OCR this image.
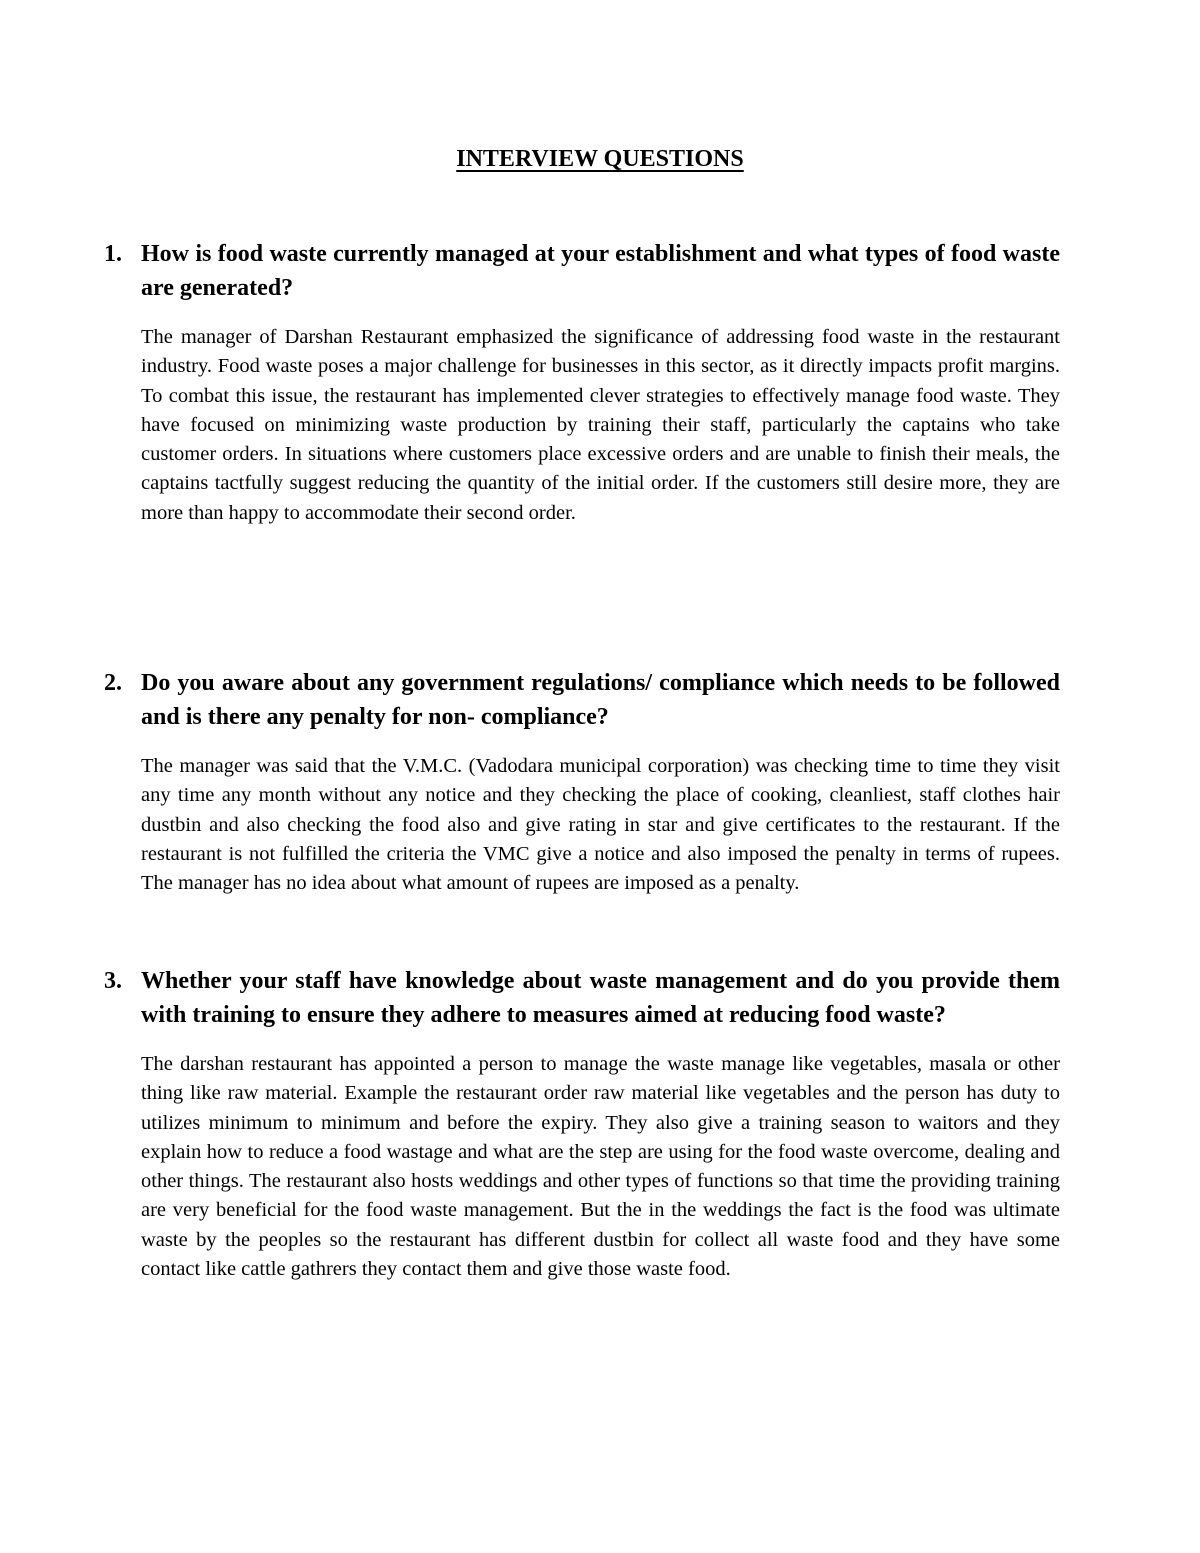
INTERVIEW QUESTIONS
1. How is food waste currently managed at your establishment and what types of food waste are generated?

The manager of Darshan Restaurant emphasized the significance of addressing food waste in the restaurant industry. Food waste poses a major challenge for businesses in this sector, as it directly impacts profit margins. To combat this issue, the restaurant has implemented clever strategies to effectively manage food waste. They have focused on minimizing waste production by training their staff, particularly the captains who take customer orders. In situations where customers place excessive orders and are unable to finish their meals, the captains tactfully suggest reducing the quantity of the initial order. If the customers still desire more, they are more than happy to accommodate their second order.

2. Do you aware about any government regulations/ compliance which needs to be followed and is there any penalty for non- compliance?

The manager was said that the V.M.C. (Vadodara municipal corporation) was checking time to time they visit any time any month without any notice and they checking the place of cooking, cleanliest, staff clothes hair dustbin and also checking the food also and give rating in star and give certificates to the restaurant. If the restaurant is not fulfilled the criteria the VMC give a notice and also imposed the penalty in terms of rupees. The manager has no idea about what amount of rupees are imposed as a penalty.

3. Whether your staff have knowledge about waste management and do you provide them with training to ensure they adhere to measures aimed at reducing food waste?

The darshan restaurant has appointed a person to manage the waste manage like vegetables, masala or other thing like raw material. Example the restaurant order raw material like vegetables and the person has duty to utilizes minimum to minimum and before the expiry. They also give a training season to waitors and they explain how to reduce a food wastage and what are the step are using for the food waste overcome, dealing and other things. The restaurant also hosts weddings and other types of functions so that time the providing training are very beneficial for the food waste management. But the in the weddings the fact is the food was ultimate waste by the peoples so the restaurant has different dustbin for collect all waste food and they have some contact like cattle gathrers they contact them and give those waste food.
